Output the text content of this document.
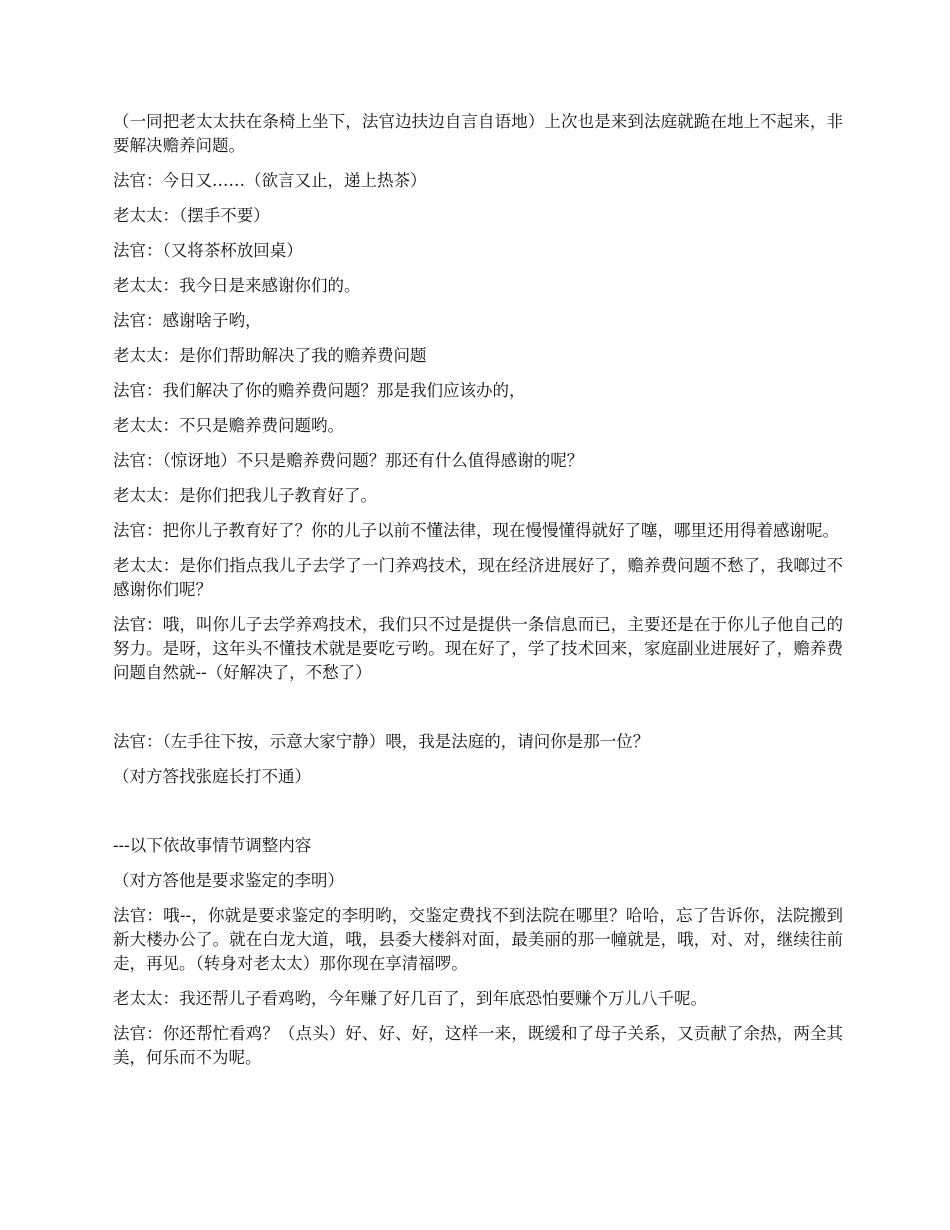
（一同把老太太扶在条椅上坐下，法官边扶边自言自语地）上次也是来到法庭就跪在地上不起来，非要解决赡养问题。

法官：今日又……（欲言又止，递上热茶）

老太太：（摆手不要）

法官：（又将茶杯放回桌）

老太太：我今日是来感谢你们的。

法官：感谢啥子哟，

老太太：是你们帮助解决了我的赡养费问题

法官：我们解决了你的赡养费问题？那是我们应该办的，

老太太：不只是赡养费问题哟。

法官：（惊讶地）不只是赡养费问题？那还有什么值得感谢的呢？

老太太：是你们把我儿子教育好了。

法官：把你儿子教育好了？你的儿子以前不懂法律，现在慢慢懂得就好了噻，哪里还用得着感谢呢。

老太太：是你们指点我儿子去学了一门养鸡技术，现在经济进展好了，赡养费问题不愁了，我啷过不感谢你们呢？

法官：哦，叫你儿子去学养鸡技术，我们只不过是提供一条信息而已，主要还是在于你儿子他自己的努力。是呀，这年头不懂技术就是要吃亏哟。现在好了，学了技术回来，家庭副业进展好了，赡养费问题自然就--（好解决了，不愁了）

法官：（左手往下按，示意大家宁静）喂，我是法庭的，请问你是那一位？

（对方答找张庭长打不通）

---以下依故事情节调整内容

（对方答他是要求鉴定的李明）

法官：哦--，你就是要求鉴定的李明哟，交鉴定费找不到法院在哪里？哈哈，忘了告诉你，法院搬到新大楼办公了。就在白龙大道，哦，县委大楼斜对面，最美丽的那一幢就是，哦，对、对，继续往前走，再见。（转身对老太太）那你现在享清福啰。

老太太：我还帮儿子看鸡哟，今年赚了好几百了，到年底恐怕要赚个万儿八千呢。

法官：你还帮忙看鸡？（点头）好、好、好，这样一来，既缓和了母子关系，又贡献了余热，两全其美，何乐而不为呢。
